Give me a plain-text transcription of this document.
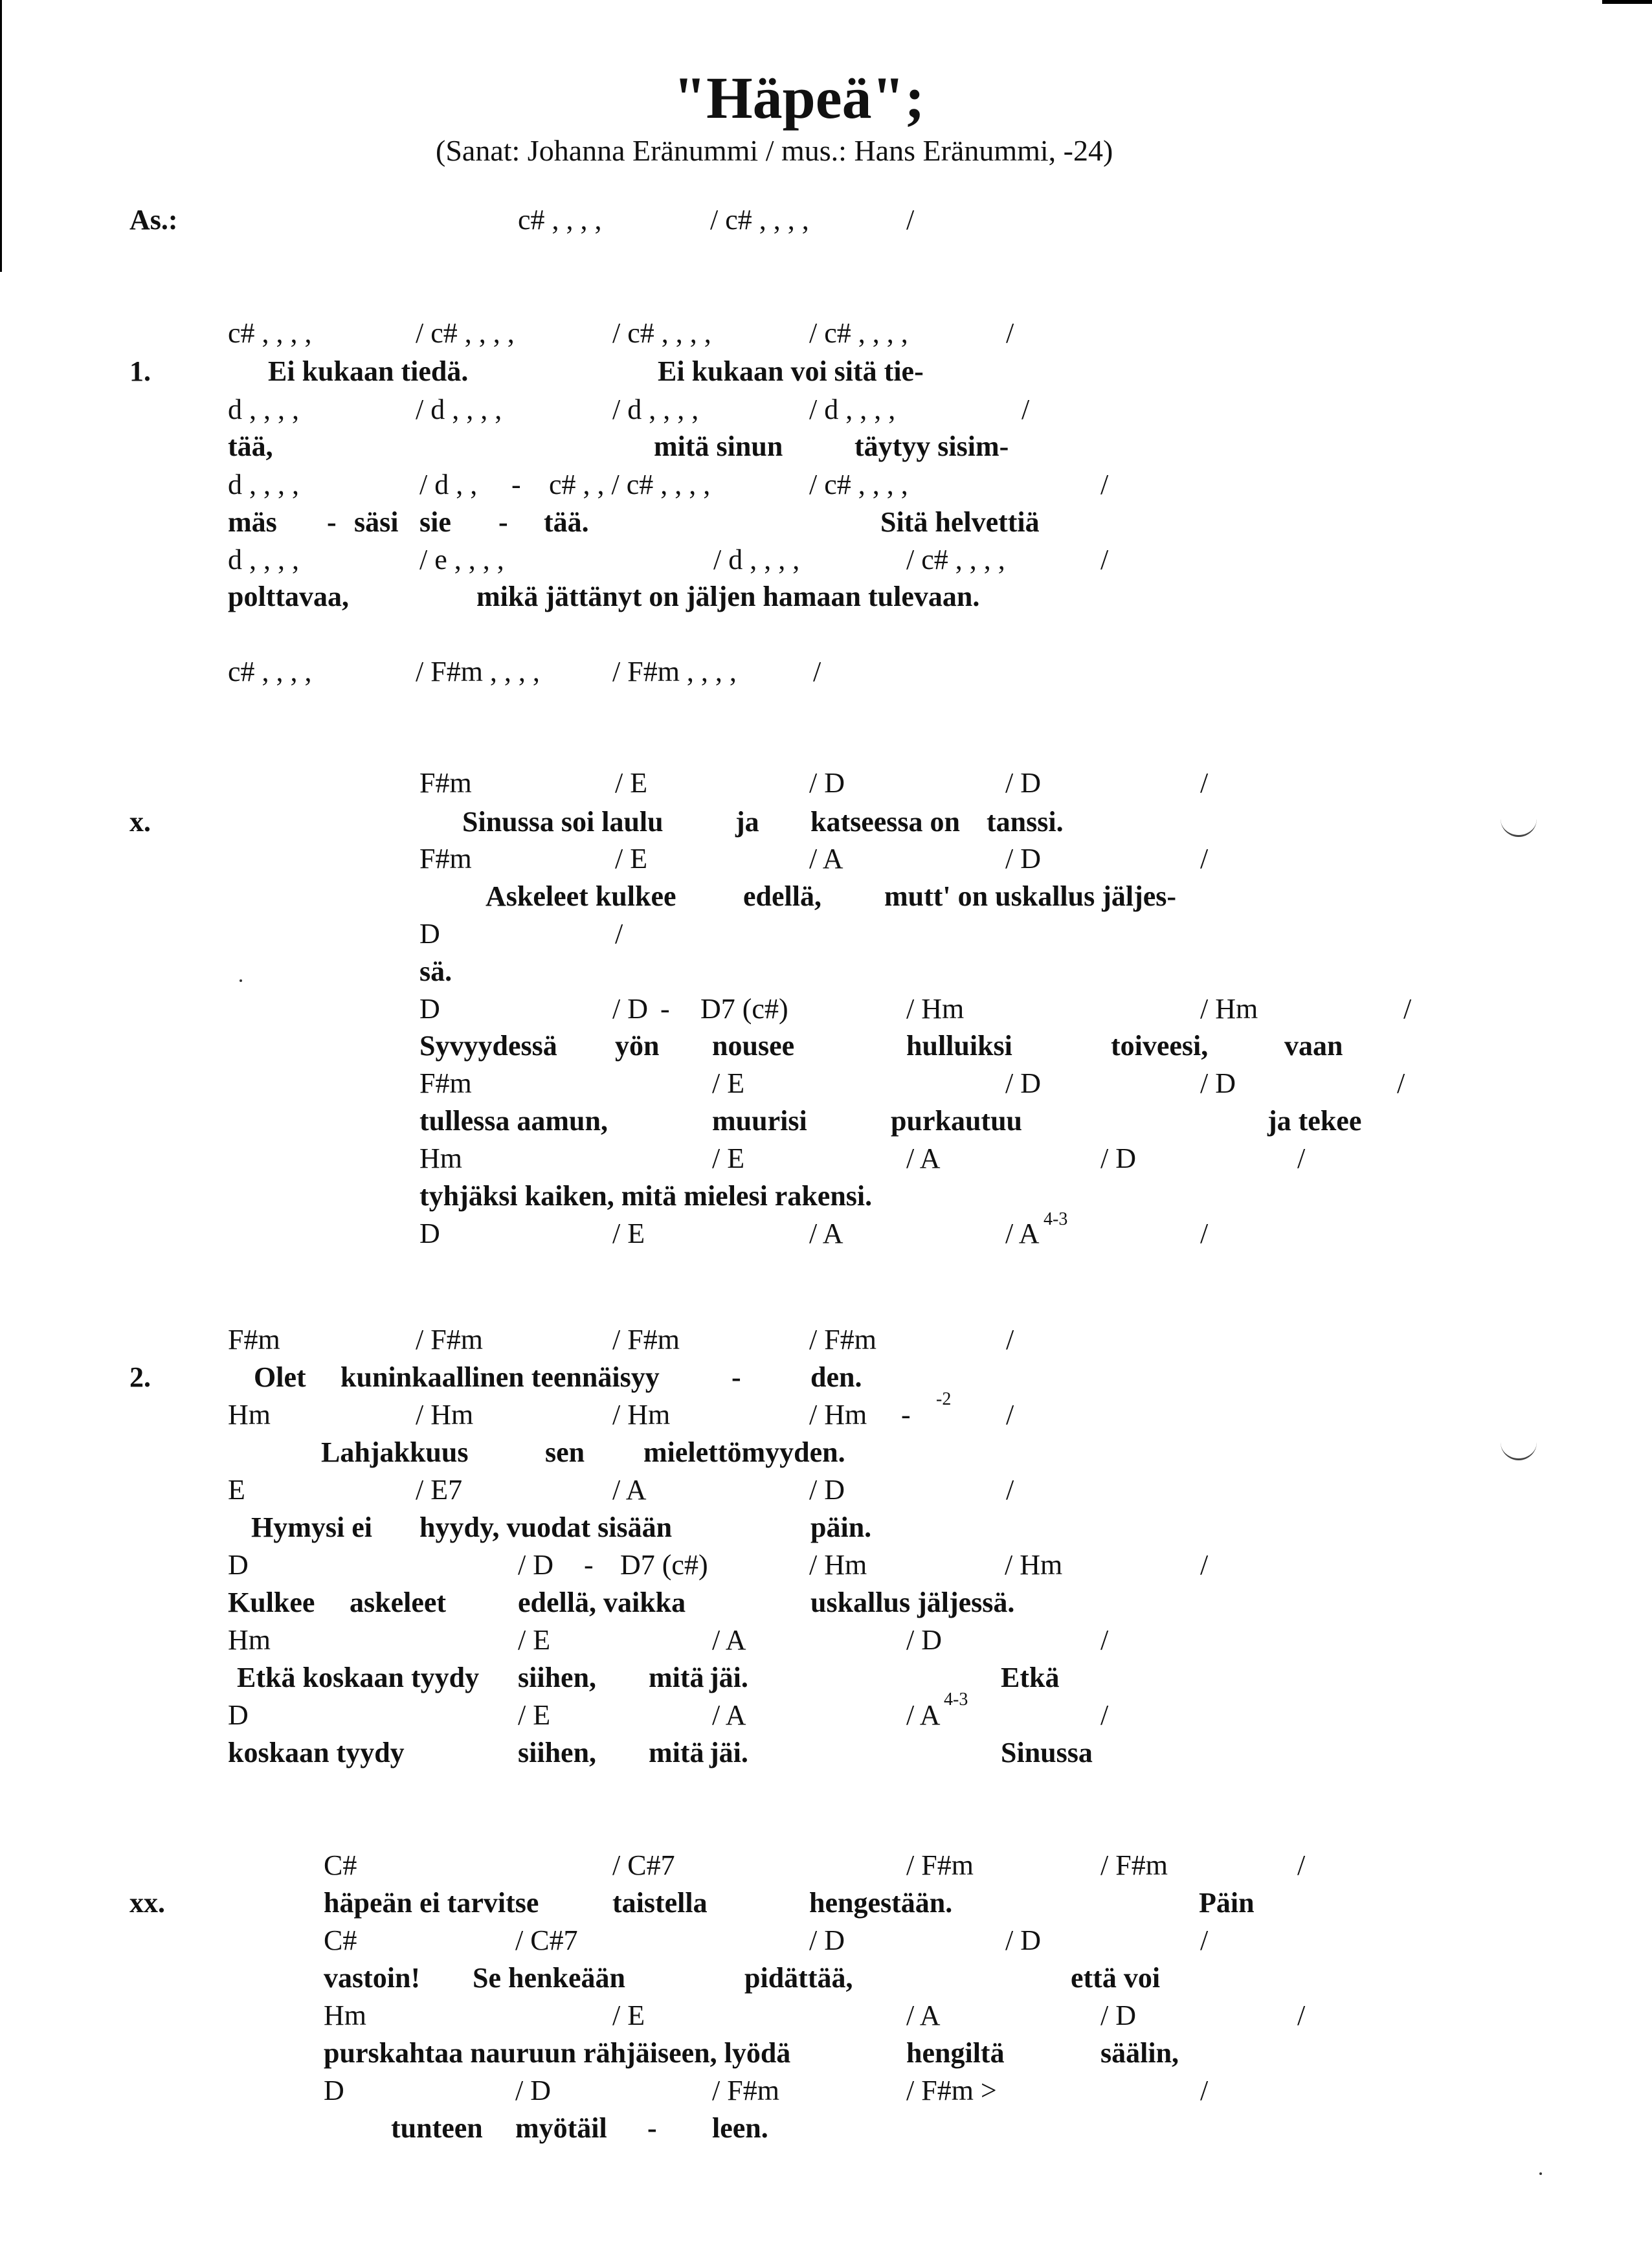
"Häpeä";
(Sanat: Johanna Eränummi / mus.: Hans Eränummi, -24)
As.:	c# , , , ,	/ c# , , , ,	/
1.
c# , , , ,	/ c# , , , ,	/ c# , , , ,	/ c# , , , ,	/
Ei kukaan tiedä.	Ei kukaan voi sitä tie-
d , , , ,	/ d , , , ,	/ d , , , ,	/ d , , , ,	/
tää,	mitä sinun	täytyy sisim-
d , , , ,	/ d , , - c# , , / c# , , , ,	/ c# , , , ,	/
mäs - säsi sie - tää.	Sitä helvettiä
d , , , ,	/ e , , , ,	/ d , , , ,	/ c# , , , ,	/
polttavaa,	mikä jättänyt on jäljen hamaan tulevaan.
c# , , , ,	/ F#m , , , ,	/ F#m , , , ,	/
x.
F#m	/ E	/ D	/ D	/
Sinussa soi laulu	ja katseessa on tanssi.
F#m	/ E	/ A	/ D	/
Askeleet kulkee edellä, mutt' on uskallus jäljes-
D	/
sä.
D	/ D - D7 (c#)	/ Hm	/ Hm	/
Syvyydessä yön nousee	hulluiksi	toiveesi,	vaan
F#m	/ E	/ D	/ D	/
tullessa aamun,	muurisi	purkautuu	ja tekee
Hm	/ E	/ A	/ D	/
tyhjäksi kaiken, mitä mielesi rakensi.
D	/ E	/ A	/ A 4-3	/
2.
F#m	/ F#m	/ F#m	/ F#m	/
Olet kuninkaallinen teennäisyy	- den.
Hm	/ Hm	/ Hm	/ Hm - -2 /
Lahjakkuus	sen mielettömyyden.
E	/ E7	/ A	/ D	/
Hymysi ei hyydy, vuodat sisään	päin.
D	/ D - D7 (c#)	/ Hm	/ Hm	/
Kulkee askeleet	edellä, vaikka	uskallus jäljessä.
Hm	/ E	/ A	/ D	/
Etkä koskaan tyydy siihen, mitä jäi.	Etkä
D	/ E	/ A	/ A 4-3	/
koskaan tyydy	siihen, mitä jäi.	Sinussa
xx.
C#	/ C#7	/ F#m	/ F#m	/
häpeän ei tarvitse	taistella	hengestään.	Päin
C#	/ C#7	/ D	/ D	/
vastoin! Se henkeään	pidättää,	että voi
Hm	/ E	/ A	/ D	/
purskahtaa nauruun rähjäiseen, lyödä	hengiltä	säälin,
D	/ D	/ F#m	/ F#m >	/
tunteen myötäil - leen.
